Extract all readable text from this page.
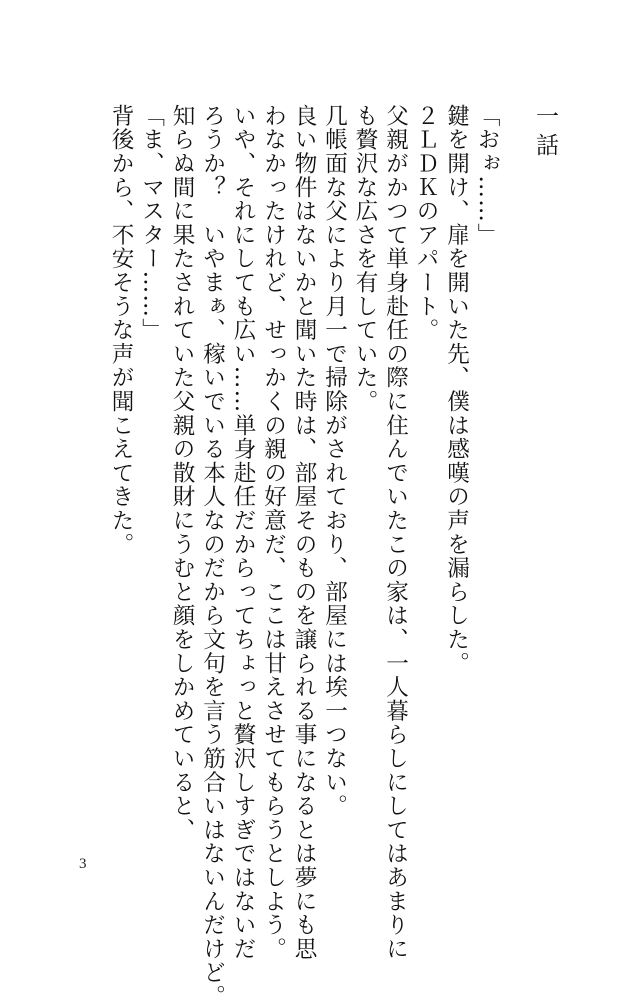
一話
「おぉ……」
鍵を開け、扉を開いた先、僕は感嘆の声を漏らした。
２ＬＤＫのアパート。
父親がかつて単身赴任の際に住んでいたこの家は、一人暮らしにしてはあまりに
も贅沢な広さを有していた。
几帳面な父により月一で掃除がされており、部屋には埃一つない。
良い物件はないかと聞いた時は、部屋そのものを譲られる事になるとは夢にも思
わなかったけれど、せっかくの親の好意だ、ここは甘えさせてもらうとしよう。
いや、それにしても広い……単身赴任だからってちょっと贅沢しすぎではないだ
ろうか？　いやまぁ、稼いでいる本人なのだから文句を言う筋合いはないんだけど。
知らぬ間に果たされていた父親の散財にうむと顔をしかめていると、
「ま、マスター……」
背後から、不安そうな声が聞こえてきた。
3
